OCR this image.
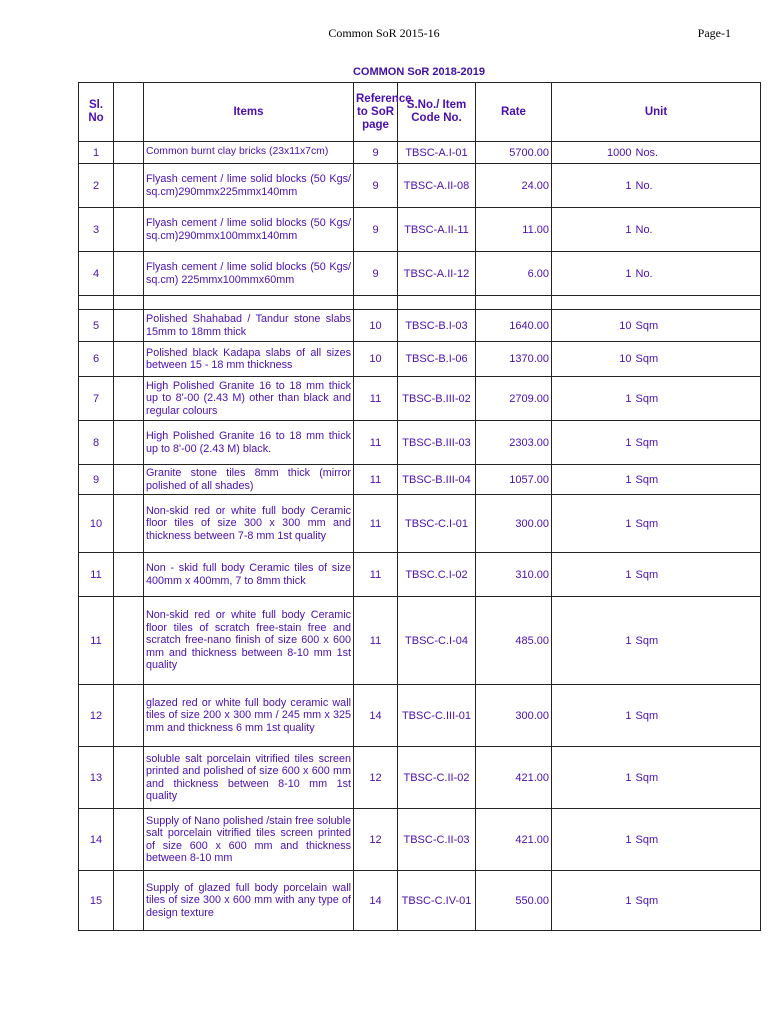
Common SoR 2015-16	Page-1
COMMON SoR 2018-2019
Sl. No		Items	Reference to SoR page	S.No./ Item Code No.	Rate	Unit	
1		Common burnt clay bricks (23x11x7cm)	9	TBSC-A.I-01	5700.00	1000	Nos.
2		Flyash cement / lime solid blocks (50 Kgs/ sq.cm)290mmx225mmx140mm	9	TBSC-A.II-08	24.00	1	No.
3		Flyash cement / lime solid blocks (50 Kgs/ sq.cm)290mmx100mmx140mm	9	TBSC-A.II-11	11.00	1	No.
4		Flyash cement / lime solid blocks (50 Kgs/ sq.cm) 225mmx100mmx60mm	9	TBSC-A.II-12	6.00	1	No.

5		Polished Shahabad / Tandur stone slabs 15mm to 18mm thick	10	TBSC-B.I-03	1640.00	10	Sqm
6		Polished black Kadapa slabs of all sizes between 15 - 18 mm thickness	10	TBSC-B.I-06	1370.00	10	Sqm
7		High Polished Granite 16 to 18 mm thick up to 8'-00 (2.43 M) other than black and regular colours	11	TBSC-B.III-02	2709.00	1	Sqm
8		High Polished Granite 16 to 18 mm thick up to 8'-00 (2.43 M) black.	11	TBSC-B.III-03	2303.00	1	Sqm
9		Granite stone tiles 8mm thick (mirror polished of all shades)	11	TBSC-B.III-04	1057.00	1	Sqm
10		Non-skid red or white full body Ceramic floor tiles of size 300 x 300 mm and thickness between 7-8 mm 1st quality	11	TBSC-C.I-01	300.00	1	Sqm
11		Non - skid full body Ceramic tiles of size 400mm x 400mm, 7 to 8mm thick	11	TBSC.C.I-02	310.00	1	Sqm
11		Non-skid red or white full body Ceramic floor tiles of scratch free-stain free and scratch free-nano finish of size 600 x 600 mm and thickness between 8-10 mm 1st quality	11	TBSC-C.I-04	485.00	1	Sqm
12		glazed red or white full body ceramic wall tiles of size 200 x 300 mm / 245 mm x 325 mm and thickness 6 mm 1st quality	14	TBSC-C.III-01	300.00	1	Sqm
13		soluble salt porcelain vitrified tiles screen printed and polished of size 600 x 600 mm and thickness between 8-10 mm 1st quality	12	TBSC-C.II-02	421.00	1	Sqm
14		Supply of Nano polished /stain free soluble salt porcelain vitrified tiles screen printed of size 600 x 600 mm and thickness between 8-10 mm	12	TBSC-C.II-03	421.00	1	Sqm
15		Supply of glazed full body porcelain wall tiles of size 300 x 600 mm with any type of design texture	14	TBSC-C.IV-01	550.00	1	Sqm
